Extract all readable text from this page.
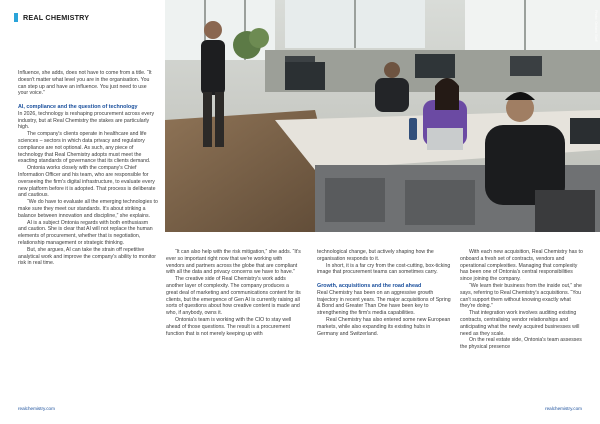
REAL CHEMISTRY	Photo: Ontario Staff

Influence, she adds, does not have to come from a title. “It doesn't matter what level you are in the organisation. You can step up and have an influence. You just need to use your voice.”

AI, compliance and the question of technology

In 2026, technology is reshaping procurement across every industry, but at Real Chemistry the stakes are particularly high.

The company's clients operate in healthcare and life sciences – sectors in which data privacy and regulatory compliance are not optional. As such, any piece of technology that Real Chemistry adopts must meet the exacting standards of governance that its clients demand.

Ontonia works closely with the company's Chief Information Officer and his team, who are responsible for overseeing the firm's digital infrastructure, to evaluate every new platform before it is adopted. That process is deliberate and cautious.

“We do have to evaluate all the emerging technologies to make sure they meet our standards. It's about striking a balance between innovation and discipline,” she explains.

AI is a subject Ontonia regards with both enthusiasm and caution. She is clear that AI will not replace the human elements of procurement, whether that is negotiation, relationship management or strategic thinking.

But, she argues, AI can take the strain off repetitive analytical work and improve the company's ability to monitor risk in real time.

“It can also help with the risk mitigation,” she adds. “It's ever so important right now that we're working with vendors and partners across the globe that are compliant with all the data and privacy concerns we have to have.”

The creative side of Real Chemistry's work adds another layer of complexity. The company produces a great deal of marketing and communications content for its clients, but the emergence of Gen AI is currently raising all sorts of questions about how creative content is made and who, if anybody, owns it.

Ontonia's team is working with the CIO to stay well ahead of those questions. The result is a procurement function that is not merely keeping up with

technological change, but actively shaping how the organisation responds to it.

In short, it is a far cry from the cost-cutting, box-ticking image that procurement teams can sometimes carry.

Growth, acquisitions and the road ahead

Real Chemistry has been on an aggressive growth trajectory in recent years. The major acquisitions of Spring & Bond and Greater Than One have been key to strengthening the firm's media capabilities.

Real Chemistry has also entered some new European markets, while also expanding its existing hubs in Germany and Switzerland.

With each new acquisition, Real Chemistry has to onboard a fresh set of contracts, vendors and operational complexities. Managing that complexity has been one of Ontonia's central responsibilities since joining the company.

“We learn their business from the inside out,” she says, referring to Real Chemistry's acquisitions. “You can't support them without knowing exactly what they're doing.”

That integration work involves auditing existing contracts, centralising vendor relationships and anticipating what the newly acquired businesses will need as they scale.

On the real estate side, Ontonia's team assesses the physical presence

realchemistry.com	realchemistry.com
